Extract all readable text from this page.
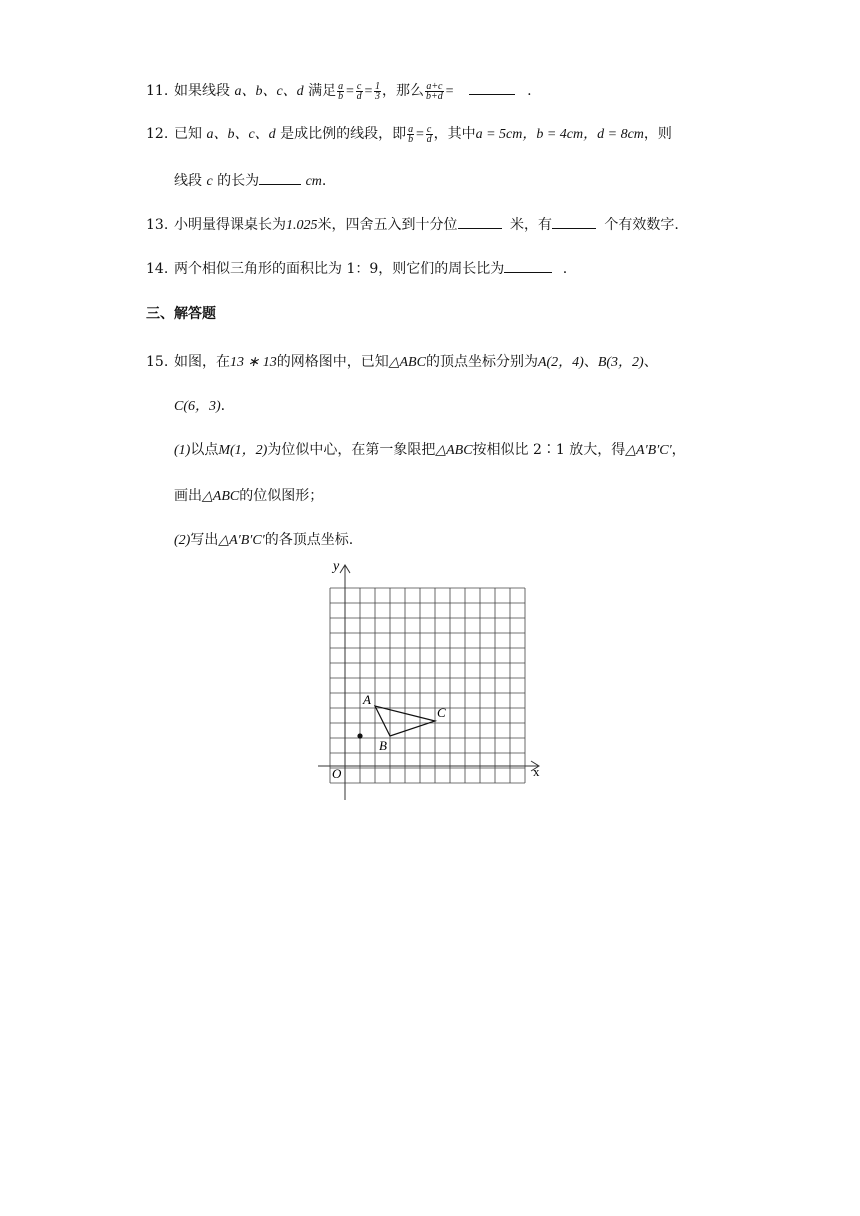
11. 如果线段 a、b、c、d 满足 $\frac{a}{b} = \frac{c}{d} = \frac{1}{3}$ ，那么 $\frac{a+c}{b+d}$ =	.
12. 已知 a、b、c、d 是成比例的线段，即 $\frac{a}{b} = \frac{c}{d}$ ，其中a = 5cm，b = 4cm，d = 8cm，则
线段 c 的长为	cm.
13. 小明量得课桌长为1.025米，四舍五入到十分位	米，有	个有效数字.
14. 两个相似三角形的面积比为 1：9，则它们的周长比为	.
三、解答题
15. 如图，在13 ∗ 13的网格图中，已知△ABC的顶点坐标分别为A(2，4)、B(3，2)、
C(6，3).
(1)以点M(1，2)为位似中心，在第一象限把△ABC按相似比 2∶1 放大，得△A′B′C′，
画出△ABC的位似图形；
(2)写出△A′B′C′的各顶点坐标.
y
x
O
A
B
C
